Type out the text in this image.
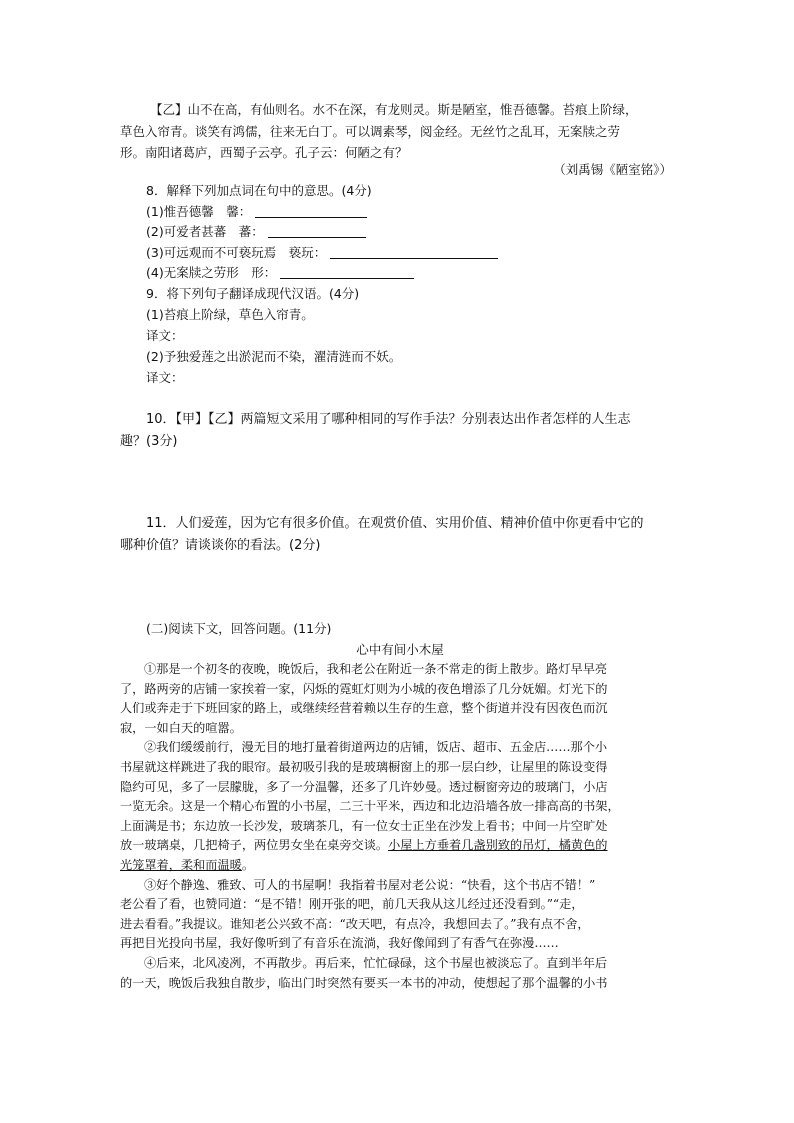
【乙】山不在高，有仙则名。水不在深，有龙则灵。斯是陋室，惟吾德馨。苔痕上阶绿，
草色入帘青。谈笑有鸿儒，往来无白丁。可以调素琴，阅金经。无丝竹之乱耳，无案牍之劳
形。南阳诸葛庐，西蜀子云亭。孔子云：何陋之有？
（刘禹锡《陋室铭》）
8．解释下列加点词在句中的意思。(4分)
(1)惟吾德馨　馨：
(2)可爱者甚蕃　蕃：
(3)可远观而不可亵玩焉　亵玩：
(4)无案牍之劳形　形：
9．将下列句子翻译成现代汉语。(4分)
(1)苔痕上阶绿，草色入帘青。
译文：
(2)予独爱莲之出淤泥而不染，濯清涟而不妖。
译文：
10．【甲】【乙】两篇短文采用了哪种相同的写作手法？分别表达出作者怎样的人生志
趣？(3分)
11．人们爱莲，因为它有很多价值。在观赏价值、实用价值、精神价值中你更看中它的
哪种价值？请谈谈你的看法。(2分)
(二)阅读下文，回答问题。(11分)
心中有间小木屋
①那是一个初冬的夜晚，晚饭后，我和老公在附近一条不常走的街上散步。路灯早早亮
了，路两旁的店铺一家挨着一家，闪烁的霓虹灯则为小城的夜色增添了几分妩媚。灯光下的
人们或奔走于下班回家的路上，或继续经营着赖以生存的生意，整个街道并没有因夜色而沉
寂，一如白天的喧嚣。
②我们缓缓前行，漫无目的地打量着街道两边的店铺，饭店、超市、五金店……那个小
书屋就这样跳进了我的眼帘。最初吸引我的是玻璃橱窗上的那一层白纱，让屋里的陈设变得
隐约可见，多了一层朦胧，多了一分温馨，还多了几许妙曼。透过橱窗旁边的玻璃门，小店
一览无余。这是一个精心布置的小书屋，二三十平米，西边和北边沿墙各放一排高高的书架，
上面满是书；东边放一长沙发，玻璃茶几，有一位女士正坐在沙发上看书；中间一片空旷处
放一玻璃桌，几把椅子，两位男女坐在桌旁交谈。小屋上方垂着几盏别致的吊灯，橘黄色的
光笼罩着，柔和而温暖。
③好个静逸、雅致、可人的书屋啊！我指着书屋对老公说：“快看，这个书店不错！”
老公看了看，也赞同道：“是不错！刚开张的吧，前几天我从这儿经过还没看到。”“走，
进去看看。”我提议。谁知老公兴致不高：“改天吧，有点冷，我想回去了。”我有点不舍，
再把目光投向书屋，我好像听到了有音乐在流淌，我好像闻到了有香气在弥漫……
④后来，北风凌冽，不再散步。再后来，忙忙碌碌，这个书屋也被淡忘了。直到半年后
的一天，晚饭后我独自散步，临出门时突然有要买一本书的冲动，使想起了那个温馨的小书
